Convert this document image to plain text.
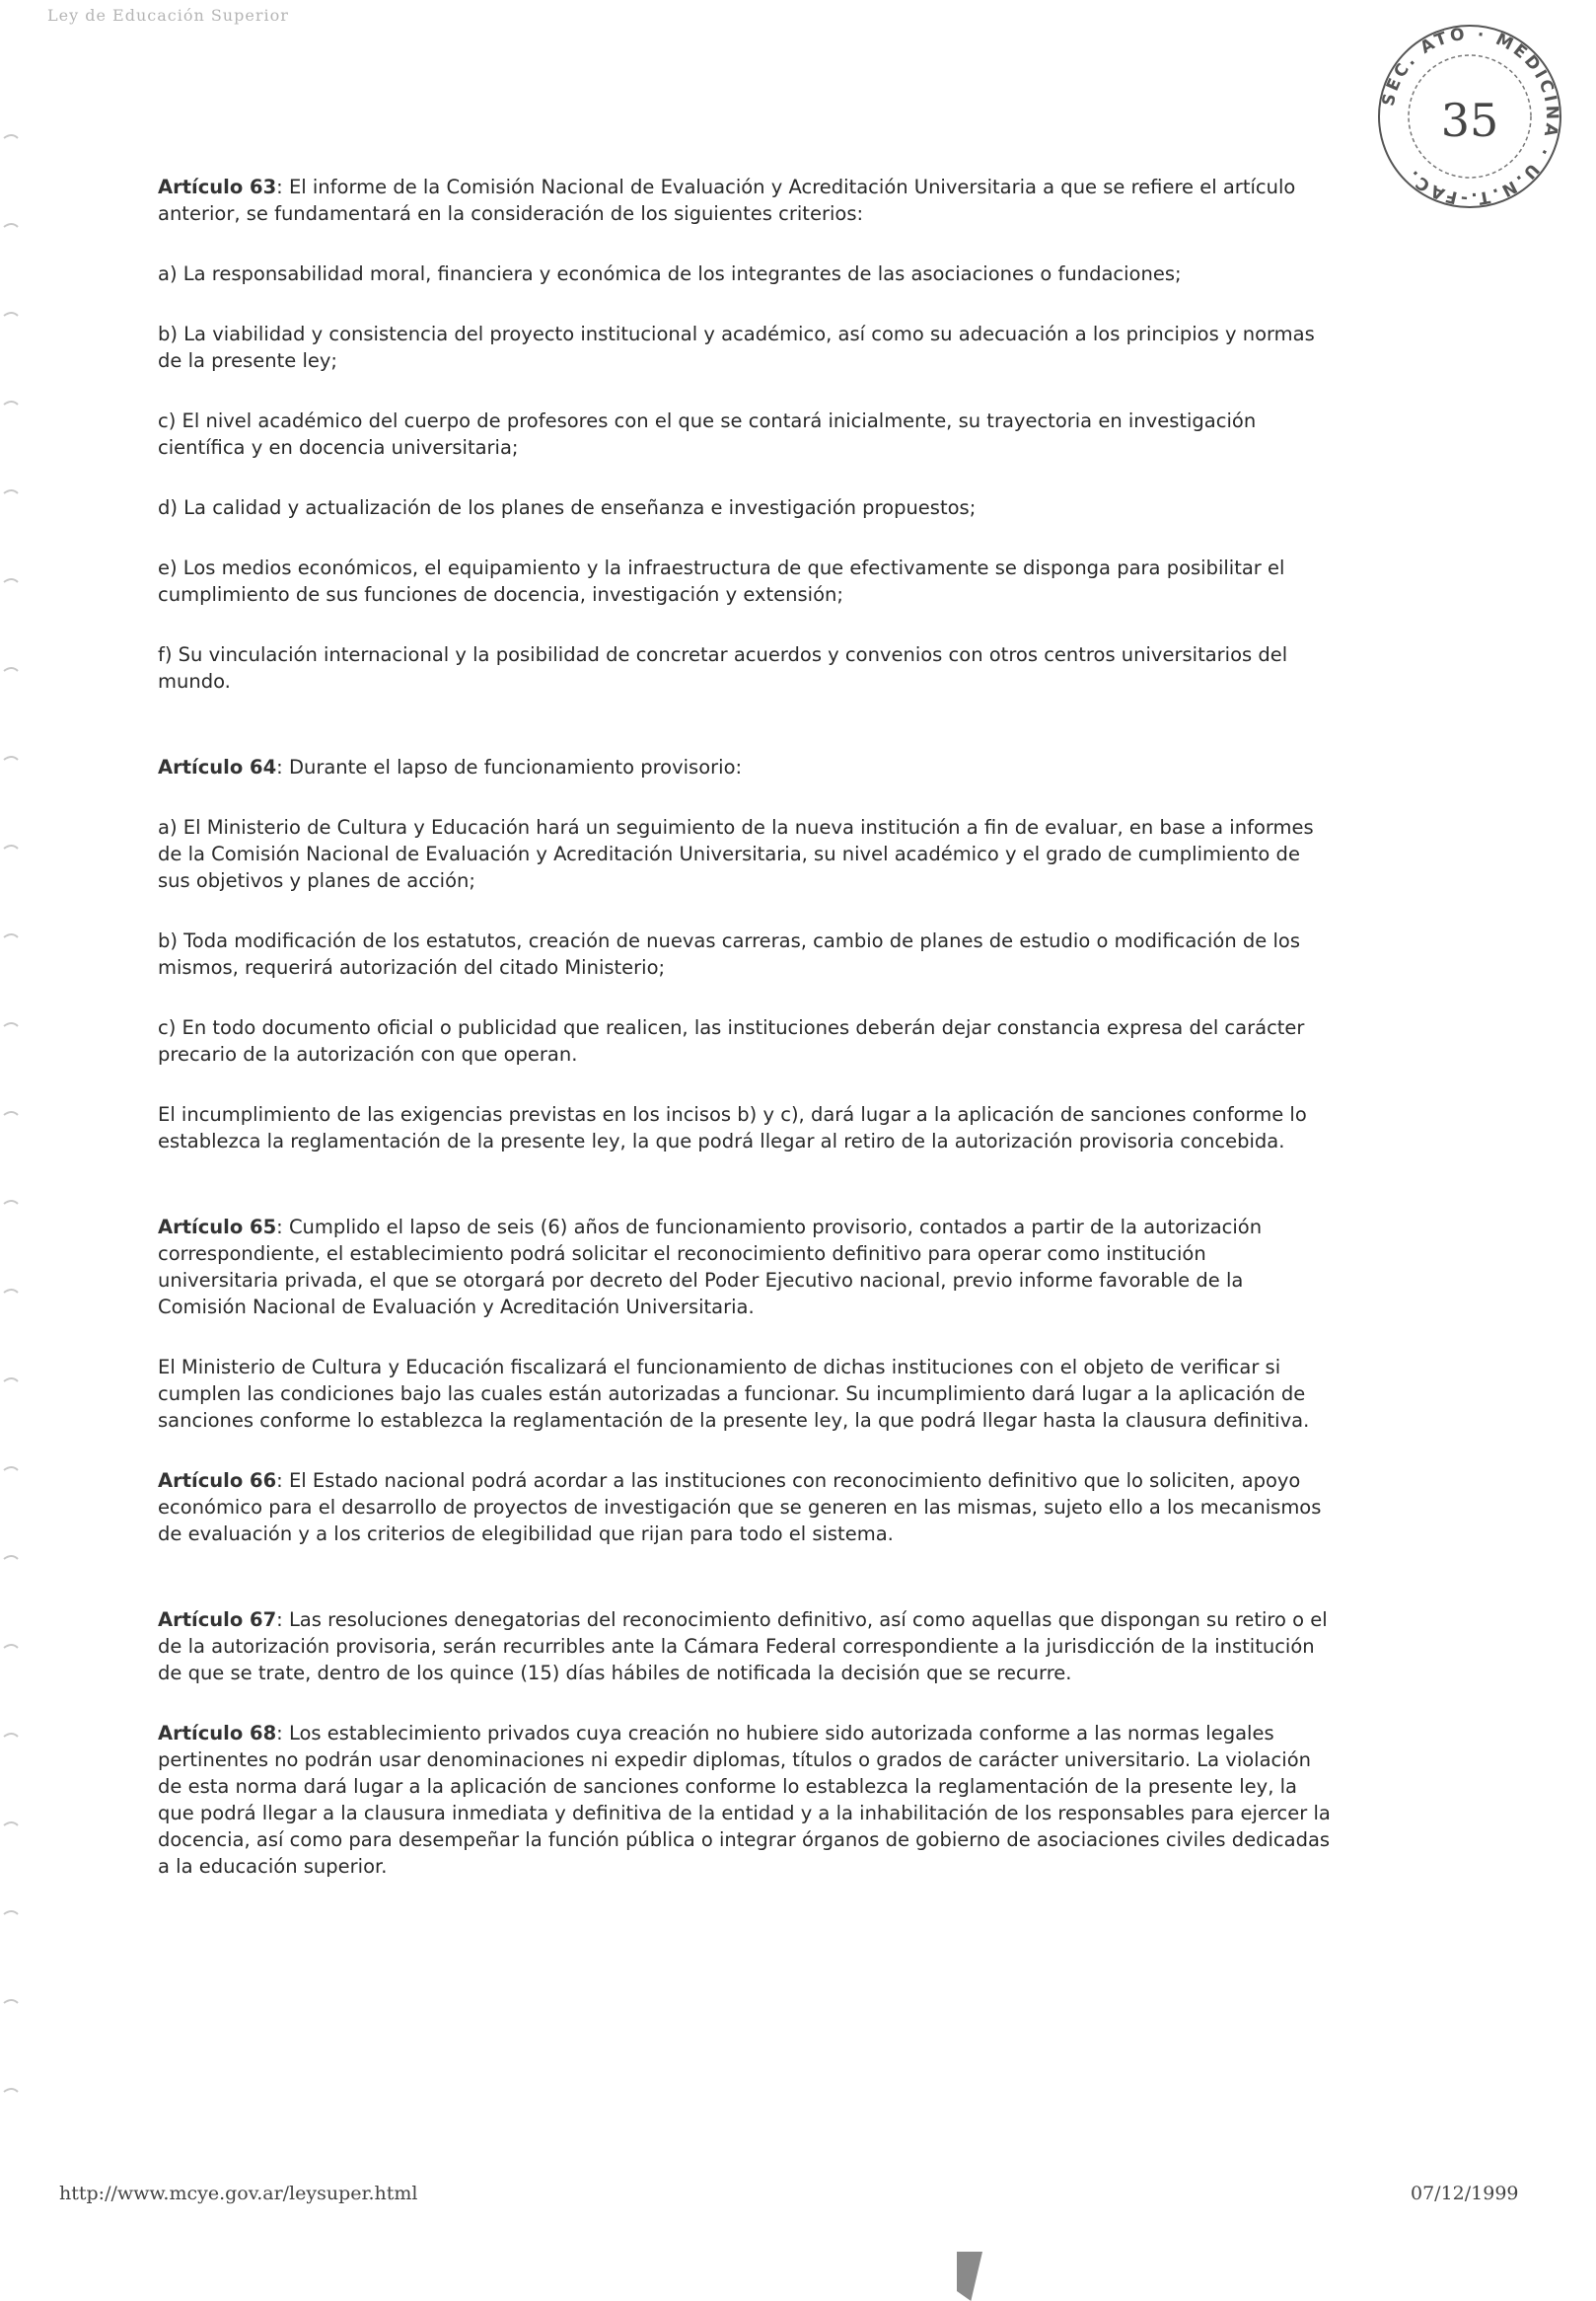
Ley de Educación Superior
SEC. ATO · MEDICINA · U.N.T.-FAC.
35

Artículo 63: El informe de la Comisión Nacional de Evaluación y Acreditación Universitaria a que se refiere el artículo anterior, se fundamentará en la consideración de los siguientes criterios:

a) La responsabilidad moral, financiera y económica de los integrantes de las asociaciones o fundaciones;

b) La viabilidad y consistencia del proyecto institucional y académico, así como su adecuación a los principios y normas de la presente ley;

c) El nivel académico del cuerpo de profesores con el que se contará inicialmente, su trayectoria en investigación científica y en docencia universitaria;

d) La calidad y actualización de los planes de enseñanza e investigación propuestos;

e) Los medios económicos, el equipamiento y la infraestructura de que efectivamente se disponga para posibilitar el cumplimiento de sus funciones de docencia, investigación y extensión;

f) Su vinculación internacional y la posibilidad de concretar acuerdos y convenios con otros centros universitarios del mundo.

Artículo 64: Durante el lapso de funcionamiento provisorio:

a) El Ministerio de Cultura y Educación hará un seguimiento de la nueva institución a fin de evaluar, en base a informes de la Comisión Nacional de Evaluación y Acreditación Universitaria, su nivel académico y el grado de cumplimiento de sus objetivos y planes de acción;

b) Toda modificación de los estatutos, creación de nuevas carreras, cambio de planes de estudio o modificación de los mismos, requerirá autorización del citado Ministerio;

c) En todo documento oficial o publicidad que realicen, las instituciones deberán dejar constancia expresa del carácter precario de la autorización con que operan.

El incumplimiento de las exigencias previstas en los incisos b) y c), dará lugar a la aplicación de sanciones conforme lo establezca la reglamentación de la presente ley, la que podrá llegar al retiro de la autorización provisoria concebida.

Artículo 65: Cumplido el lapso de seis (6) años de funcionamiento provisorio, contados a partir de la autorización correspondiente, el establecimiento podrá solicitar el reconocimiento definitivo para operar como institución universitaria privada, el que se otorgará por decreto del Poder Ejecutivo nacional, previo informe favorable de la Comisión Nacional de Evaluación y Acreditación Universitaria.

El Ministerio de Cultura y Educación fiscalizará el funcionamiento de dichas instituciones con el objeto de verificar si cumplen las condiciones bajo las cuales están autorizadas a funcionar. Su incumplimiento dará lugar a la aplicación de sanciones conforme lo establezca la reglamentación de la presente ley, la que podrá llegar hasta la clausura definitiva.

Artículo 66: El Estado nacional podrá acordar a las instituciones con reconocimiento definitivo que lo soliciten, apoyo económico para el desarrollo de proyectos de investigación que se generen en las mismas, sujeto ello a los mecanismos de evaluación y a los criterios de elegibilidad que rijan para todo el sistema.

Artículo 67: Las resoluciones denegatorias del reconocimiento definitivo, así como aquellas que dispongan su retiro o el de la autorización provisoria, serán recurribles ante la Cámara Federal correspondiente a la jurisdicción de la institución de que se trate, dentro de los quince (15) días hábiles de notificada la decisión que se recurre.

Artículo 68: Los establecimiento privados cuya creación no hubiere sido autorizada conforme a las normas legales pertinentes no podrán usar denominaciones ni expedir diplomas, títulos o grados de carácter universitario. La violación de esta norma dará lugar a la aplicación de sanciones conforme lo establezca la reglamentación de la presente ley, la que podrá llegar a la clausura inmediata y definitiva de la entidad y a la inhabilitación de los responsables para ejercer la docencia, así como para desempeñar la función pública o integrar órganos de gobierno de asociaciones civiles dedicadas a la educación superior.

http://www.mcye.gov.ar/leysuper.html	07/12/1999
